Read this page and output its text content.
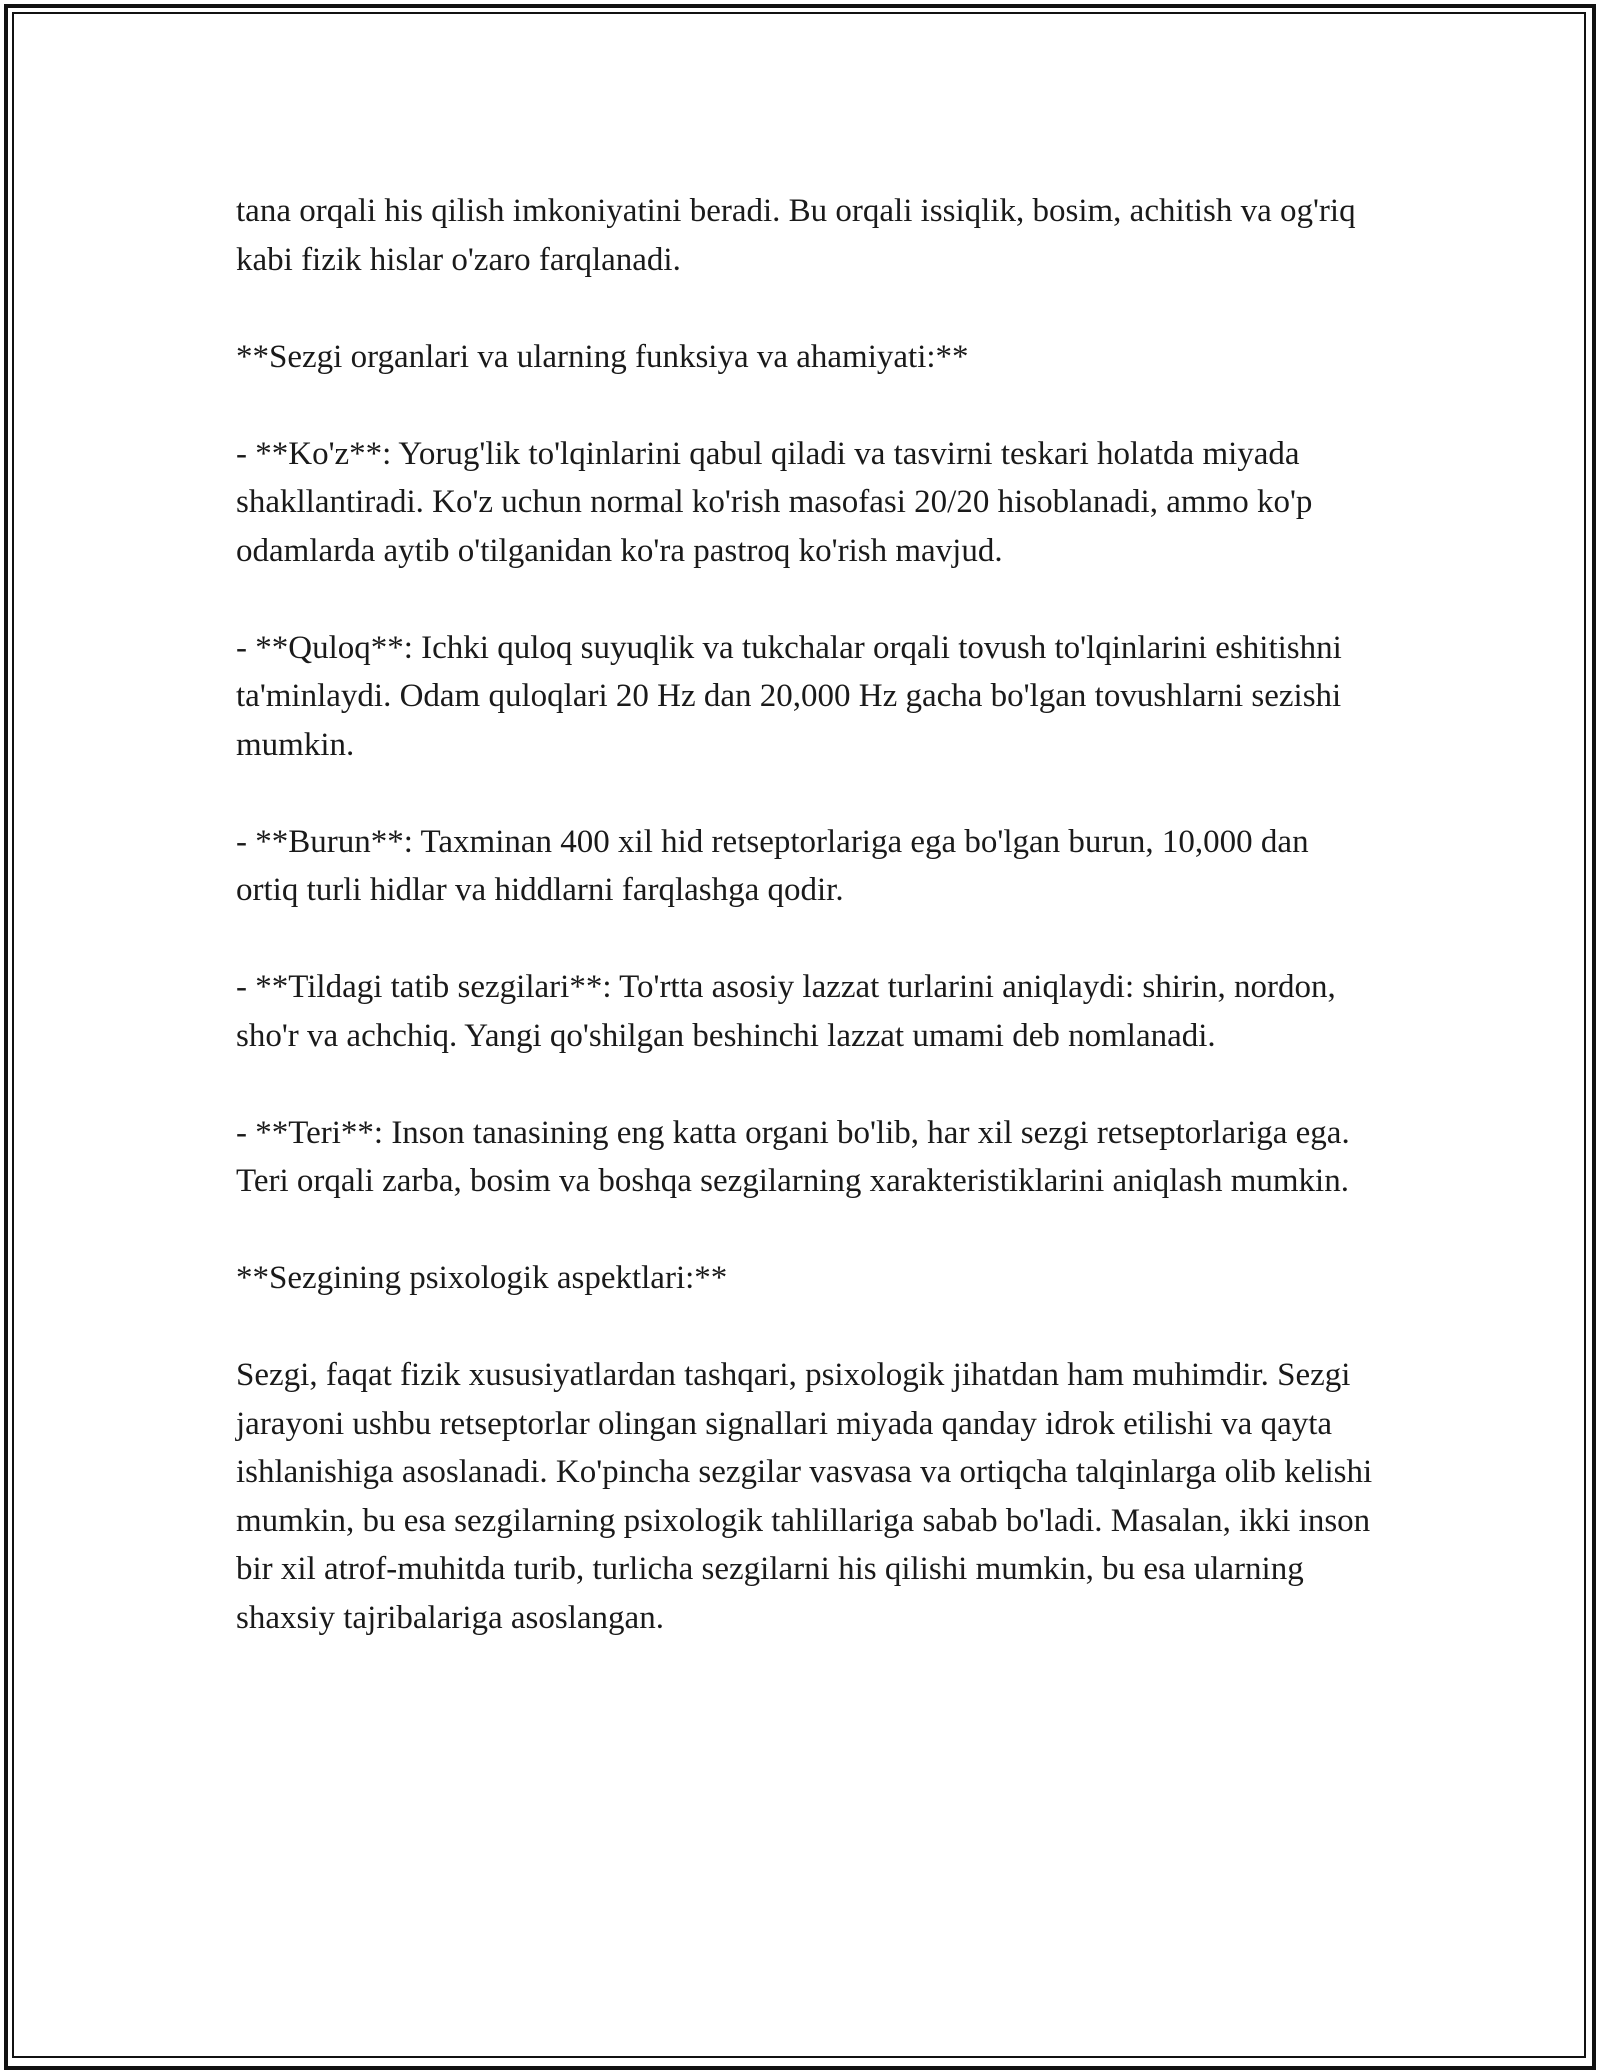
tana orqali his qilish imkoniyatini beradi. Bu orqali issiqlik, bosim, achitish va og'riq kabi fizik hislar o'zaro farqlanadi.

**Sezgi organlari va ularning funksiya va ahamiyati:**

- **Ko'z**: Yorug'lik to'lqinlarini qabul qiladi va tasvirni teskari holatda miyada shakllantiradi. Ko'z uchun normal ko'rish masofasi 20/20 hisoblanadi, ammo ko'p odamlarda aytib o'tilganidan ko'ra pastroq ko'rish mavjud.

- **Quloq**: Ichki quloq suyuqlik va tukchalar orqali tovush to'lqinlarini eshitishni ta'minlaydi. Odam quloqlari 20 Hz dan 20,000 Hz gacha bo'lgan tovushlarni sezishi mumkin.

- **Burun**: Taxminan 400 xil hid retseptorlariga ega bo'lgan burun, 10,000 dan ortiq turli hidlar va hiddlarni farqlashga qodir.

- **Tildagi tatib sezgilari**: To'rtta asosiy lazzat turlarini aniqlaydi: shirin, nordon, sho'r va achchiq. Yangi qo'shilgan beshinchi lazzat umami deb nomlanadi.

- **Teri**: Inson tanasining eng katta organi bo'lib, har xil sezgi retseptorlariga ega. Teri orqali zarba, bosim va boshqa sezgilarning xarakteristiklarini aniqlash mumkin.

**Sezgining psixologik aspektlari:**

Sezgi, faqat fizik xususiyatlardan tashqari, psixologik jihatdan ham muhimdir. Sezgi jarayoni ushbu retseptorlar olingan signallari miyada qanday idrok etilishi va qayta ishlanishiga asoslanadi. Ko'pincha sezgilar vasvasa va ortiqcha talqinlarga olib kelishi mumkin, bu esa sezgilarning psixologik tahlillariga sabab bo'ladi. Masalan, ikki inson bir xil atrof-muhitda turib, turlicha sezgilarni his qilishi mumkin, bu esa ularning shaxsiy tajribalariga asoslangan.
